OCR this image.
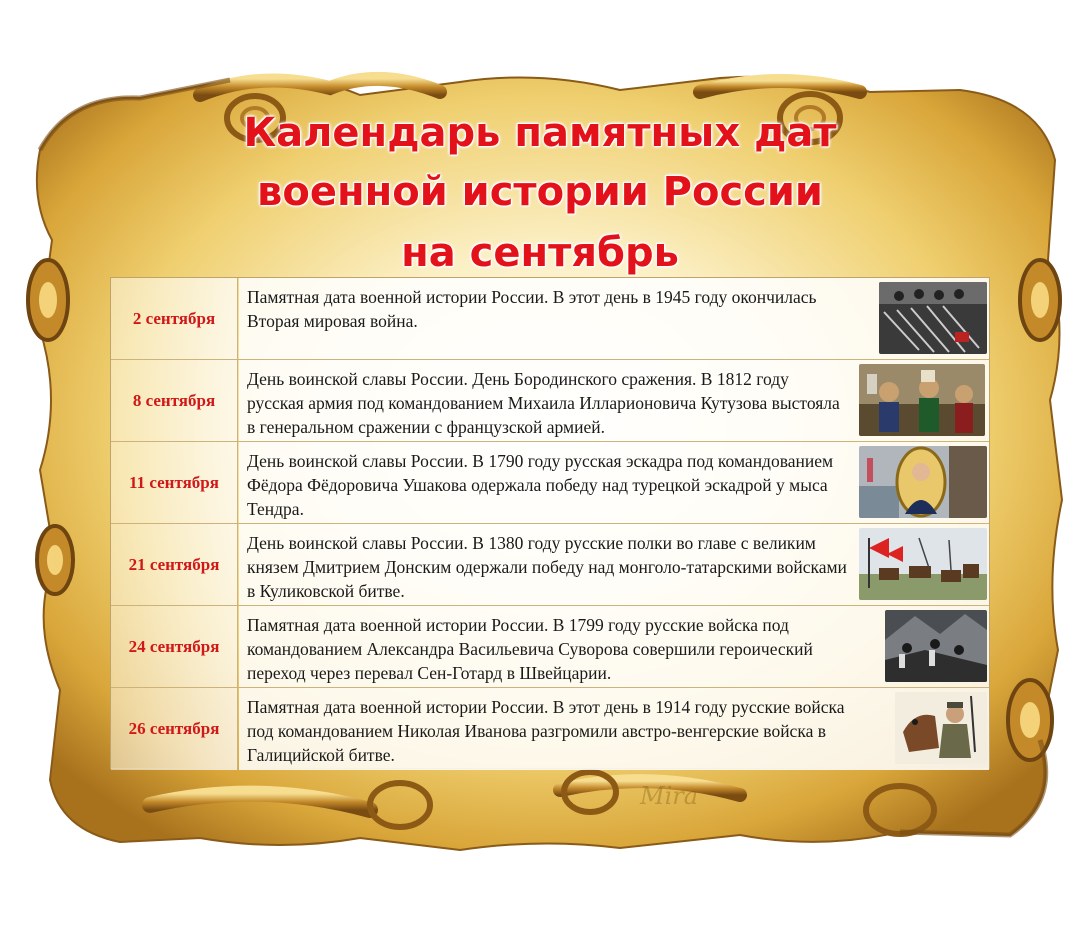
Календарь памятных дат
военной истории России
на сентябрь
2 сентября
Памятная дата военной истории России. В этот день в 1945 году окончилась Вторая мировая война.
8 сентября
День воинской славы России. День Бородинского сражения. В 1812 году русская армия под командованием Михаила Илларионовича Кутузова выстояла в генеральном сражении с французской армией.
11 сентября
День воинской славы России. В 1790 году русская эскадра под командованием Фёдора Фёдоровича Ушакова одержала победу над турецкой эскадрой у мыса Тендра.
21 сентября
День воинской славы России. В 1380 году русские полки во главе с великим князем Дмитрием Донским одержали победу над монголо-татарскими войсками в Куликовской битве.
24 сентября
Памятная дата военной истории России. В 1799 году русские войска под командованием Александра Васильевича Суворова совершили героический переход через перевал Сен-Готард в Швейцарии.
26 сентября
Памятная дата военной истории России. В этот день в 1914 году русские войска под командованием Николая Иванова разгромили австро-венгерские войска в Галицийской битве.
Mira
